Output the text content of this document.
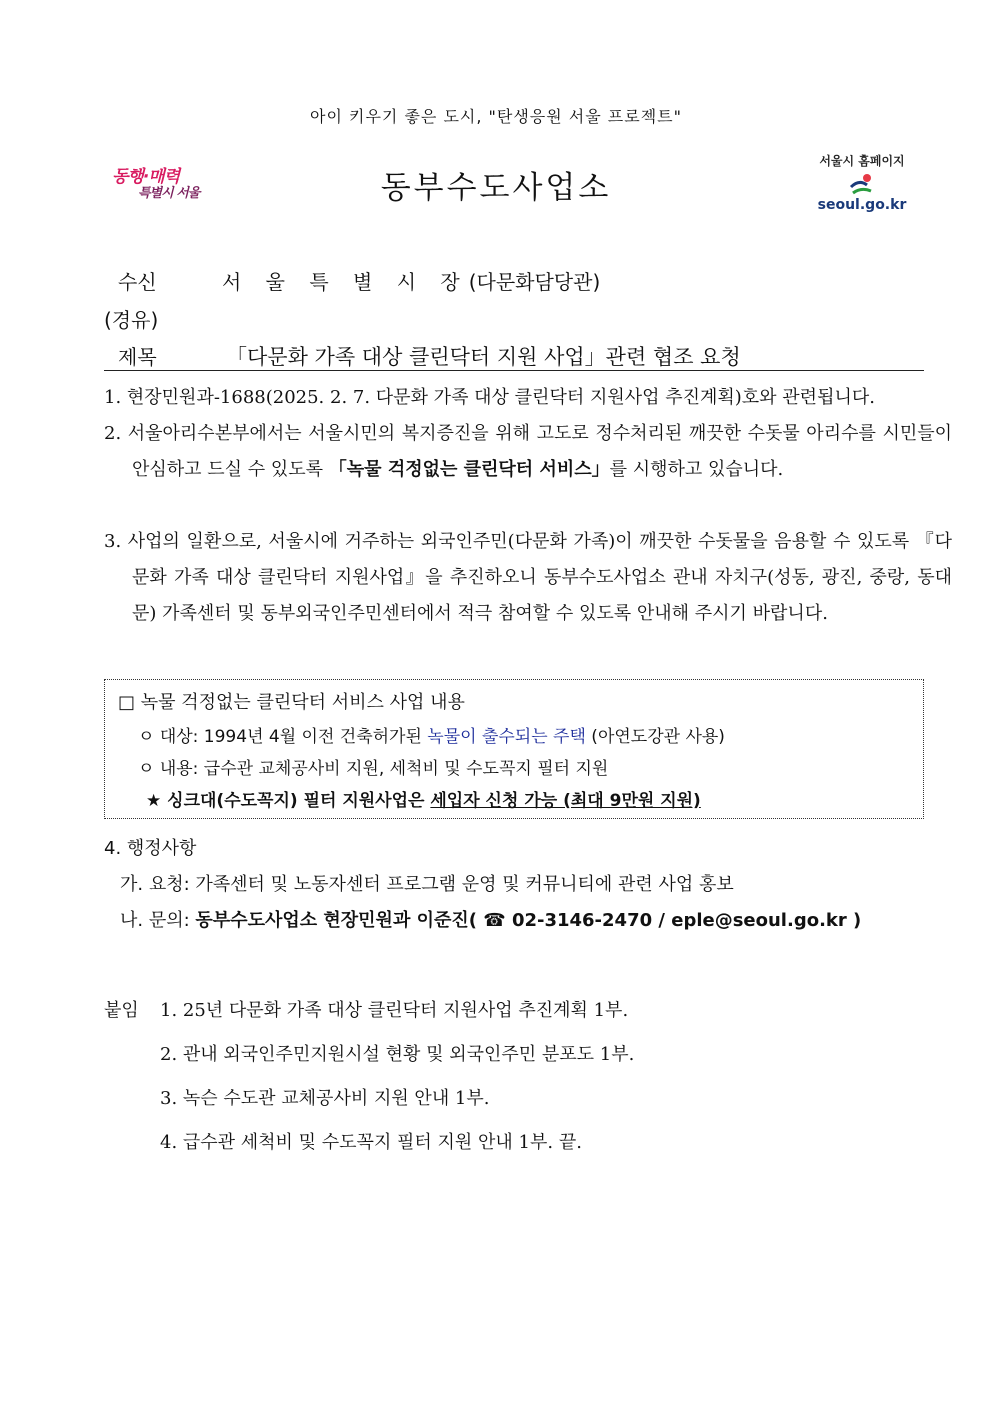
아이 키우기 좋은 도시, "탄생응원 서울 프로젝트"
동행·매력
특별시 서울	동부수도사업소
서울시 홈페이지
seoul.go.kr
수신	서 울 특 별 시 장(다문화담당관)
(경유)
제목	「다문화 가족 대상 클린닥터 지원 사업」관련 협조 요청
1. 현장민원과-1688(2025. 2. 7. 다문화 가족 대상 클린닥터 지원사업 추진계획)호와 관련됩니다.
2. 서울아리수본부에서는 서울시민의 복지증진을 위해 고도로 정수처리된 깨끗한 수돗물 아리수를 시민들이 안심하고 드실 수 있도록 「녹물 걱정없는 클린닥터 서비스」를 시행하고 있습니다.
3. 사업의 일환으로, 서울시에 거주하는 외국인주민(다문화 가족)이 깨끗한 수돗물을 음용할 수 있도록 『다문화 가족 대상 클린닥터 지원사업』을 추진하오니 동부수도사업소 관내 자치구(성동, 광진, 중랑, 동대문) 가족센터 및 동부외국인주민센터에서 적극 참여할 수 있도록 안내해 주시기 바랍니다.
□ 녹물 걱정없는 클린닥터 서비스 사업 내용
ㅇ 대상: 1994년 4월 이전 건축허가된 녹물이 출수되는 주택 (아연도강관 사용)
ㅇ 내용: 급수관 교체공사비 지원, 세척비 및 수도꼭지 필터 지원
★ 싱크대(수도꼭지) 필터 지원사업은 세입자 신청 가능 (최대 9만원 지원)
4. 행정사항
가. 요청: 가족센터 및 노동자센터 프로그램 운영 및 커뮤니티에 관련 사업 홍보
나. 문의: 동부수도사업소 현장민원과 이준진( ☎ 02-3146-2470 / eple@seoul.go.kr )
붙임 1. 25년 다문화 가족 대상 클린닥터 지원사업 추진계획 1부.
2. 관내 외국인주민지원시설 현황 및 외국인주민 분포도 1부.
3. 녹슨 수도관 교체공사비 지원 안내 1부.
4. 급수관 세척비 및 수도꼭지 필터 지원 안내 1부. 끝.
